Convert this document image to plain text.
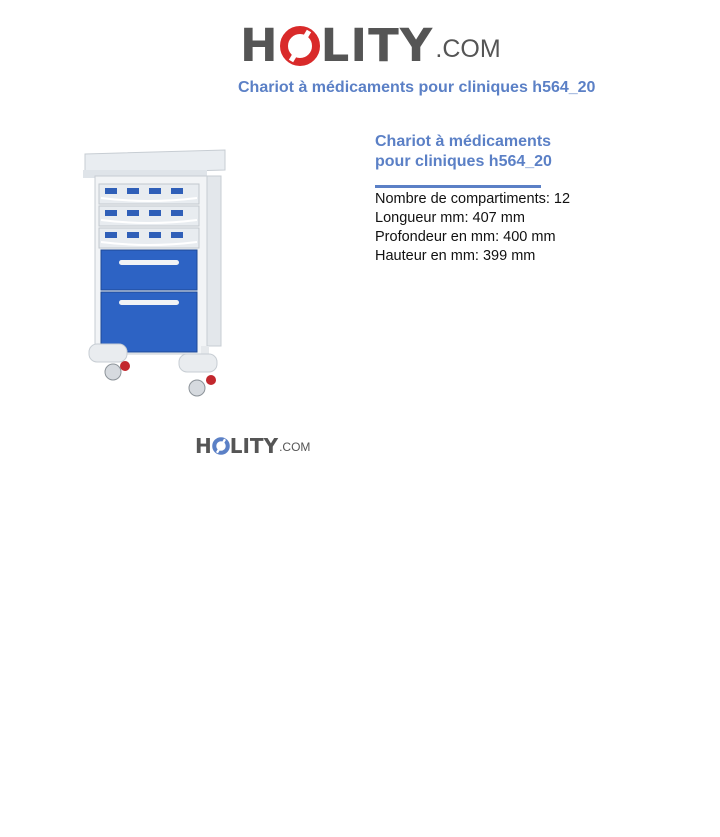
H LITY .COM
Chariot à médicaments pour cliniques h564_20
H LITY .COM

Chariot à médicaments
pour cliniques h564_20

Nombre de compartiments: 12
Longueur mm: 407 mm
Profondeur en mm: 400 mm
Hauteur en mm: 399 mm
